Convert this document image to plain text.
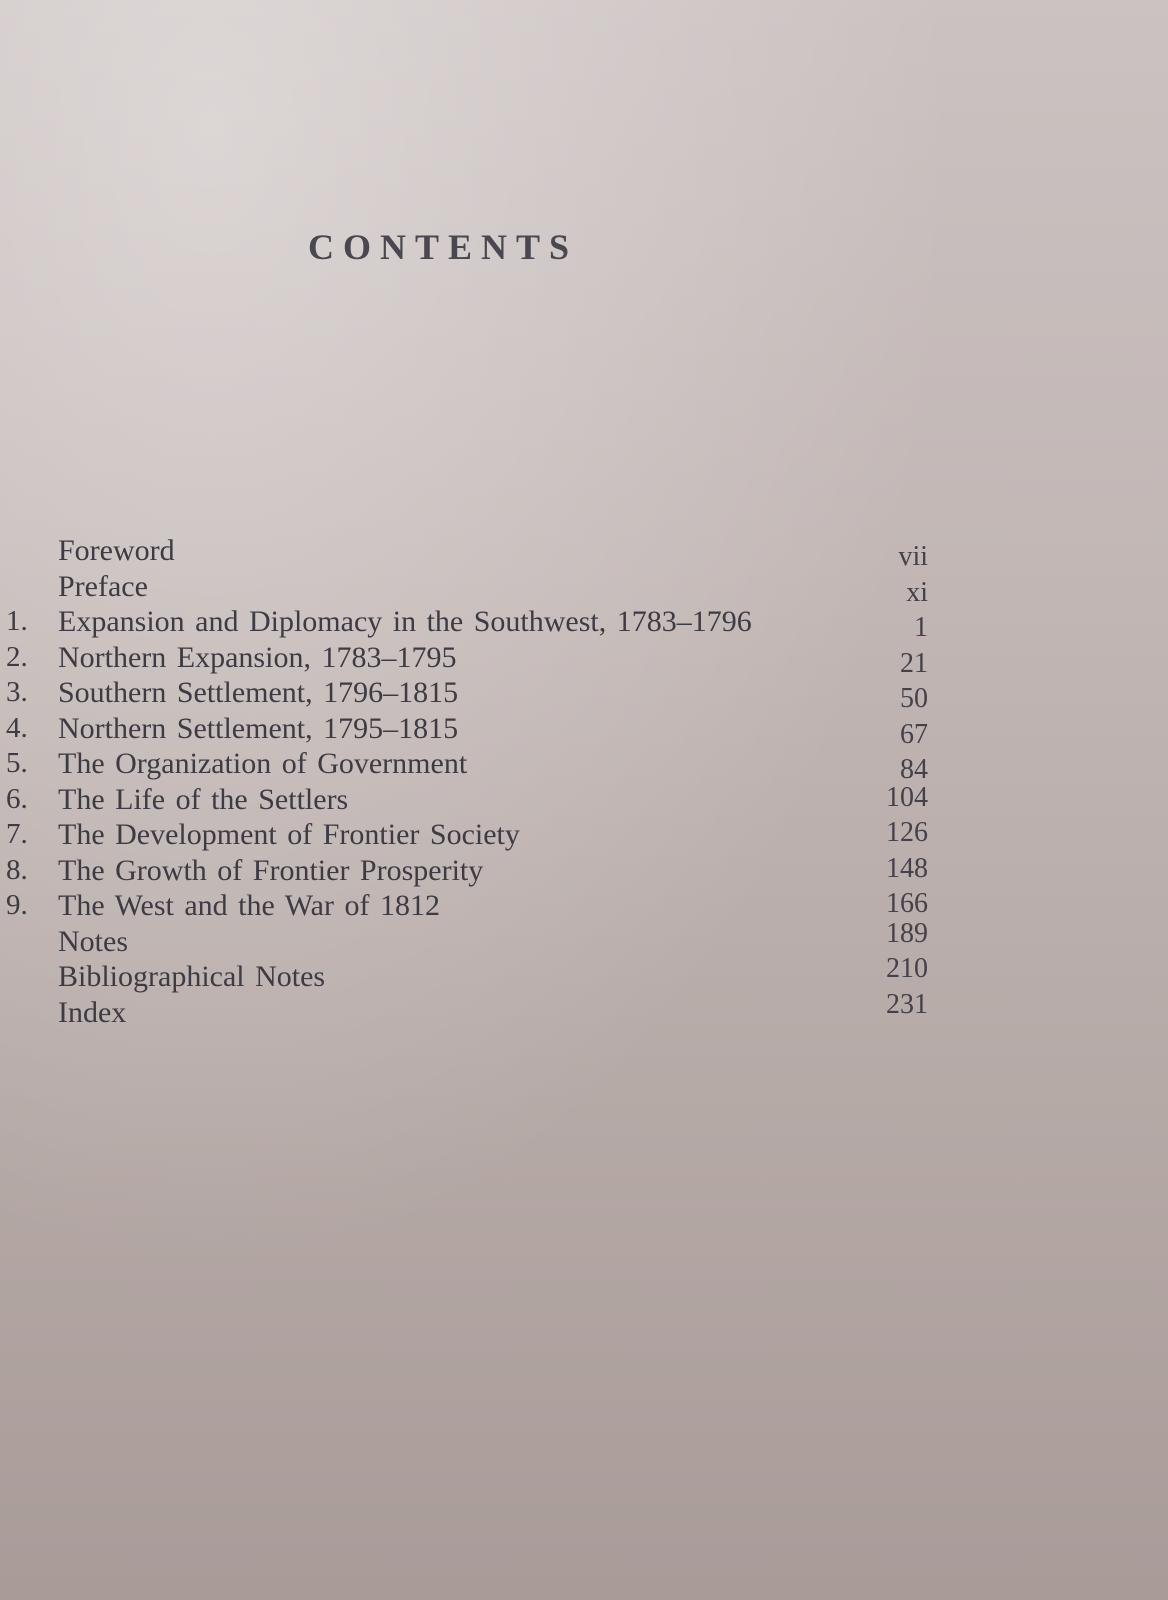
CONTENTS
Foreword	vii
Preface	xi
1. Expansion and Diplomacy in the Southwest, 1783–1796	1
2. Northern Expansion, 1783–1795	21
3. Southern Settlement, 1796–1815	50
4. Northern Settlement, 1795–1815	67
5. The Organization of Government	84
6. The Life of the Settlers	104
7. The Development of Frontier Society	126
8. The Growth of Frontier Prosperity	148
9. The West and the War of 1812	166
Notes	189
Bibliographical Notes	210
Index	231
